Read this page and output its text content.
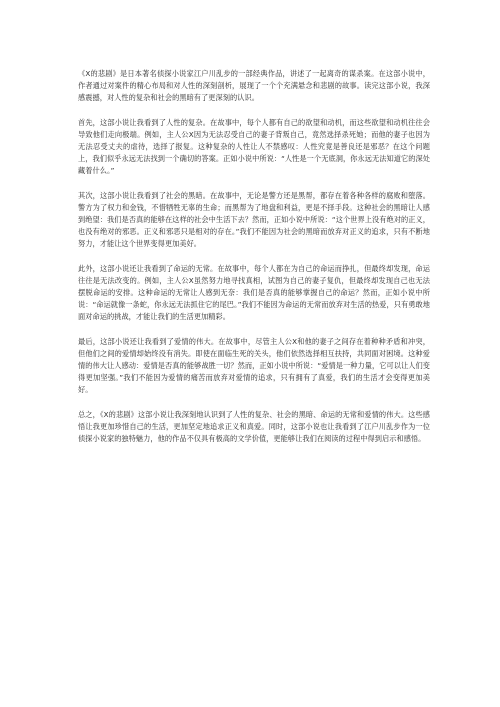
《X的悲剧》是日本著名侦探小说家江户川乱步的一部经典作品，讲述了一起离奇的谋杀案。在这部小说中，作者通过对案件的精心布局和对人性的深刻剖析，展现了一个个充满悬念和悲剧的故事。读完这部小说，我深感震撼，对人性的复杂和社会的黑暗有了更深刻的认识。

首先，这部小说让我看到了人性的复杂。在故事中，每个人都有自己的欲望和动机，而这些欲望和动机往往会导致他们走向极端。例如，主人公X因为无法忍受自己的妻子背叛自己，竟然选择杀死她；而他的妻子也因为无法忍受丈夫的虐待，选择了报复。这种复杂的人性让人不禁感叹：人性究竟是善良还是邪恶？在这个问题上，我们似乎永远无法找到一个确切的答案。正如小说中所说：“人性是一个无底洞，你永远无法知道它的深处藏着什么。”

其次，这部小说让我看到了社会的黑暗。在故事中，无论是警方还是黑帮，都存在着各种各样的腐败和堕落。警方为了权力和金钱，不惜牺牲无辜的生命；而黑帮为了地盘和利益，更是不择手段。这种社会的黑暗让人感到绝望：我们是否真的能够在这样的社会中生活下去？然而，正如小说中所说：“这个世界上没有绝对的正义，也没有绝对的邪恶。正义和邪恶只是相对的存在。”我们不能因为社会的黑暗而放弃对正义的追求，只有不断地努力，才能让这个世界变得更加美好。

此外，这部小说还让我看到了命运的无常。在故事中，每个人都在为自己的命运而挣扎，但最终却发现，命运往往是无法改变的。例如，主人公X虽然努力地寻找真相，试图为自己的妻子复仇，但最终却发现自己也无法摆脱命运的安排。这种命运的无常让人感到无奈：我们是否真的能够掌握自己的命运？然而，正如小说中所说：“命运就像一条蛇，你永远无法抓住它的尾巴。”我们不能因为命运的无常而放弃对生活的热爱，只有勇敢地面对命运的挑战，才能让我们的生活更加精彩。

最后，这部小说还让我看到了爱情的伟大。在故事中，尽管主人公X和他的妻子之间存在着种种矛盾和冲突，但他们之间的爱情却始终没有消失。即使在面临生死的关头，他们依然选择相互扶持，共同面对困境。这种爱情的伟大让人感动：爱情是否真的能够战胜一切？然而，正如小说中所说：“爱情是一种力量，它可以让人们变得更加坚强。”我们不能因为爱情的痛苦而放弃对爱情的追求，只有拥有了真爱，我们的生活才会变得更加美好。

总之，《X的悲剧》这部小说让我深刻地认识到了人性的复杂、社会的黑暗、命运的无常和爱情的伟大。这些感悟让我更加珍惜自己的生活，更加坚定地追求正义和真爱。同时，这部小说也让我看到了江户川乱步作为一位侦探小说家的独特魅力，他的作品不仅具有极高的文学价值，更能够让我们在阅读的过程中得到启示和感悟。
